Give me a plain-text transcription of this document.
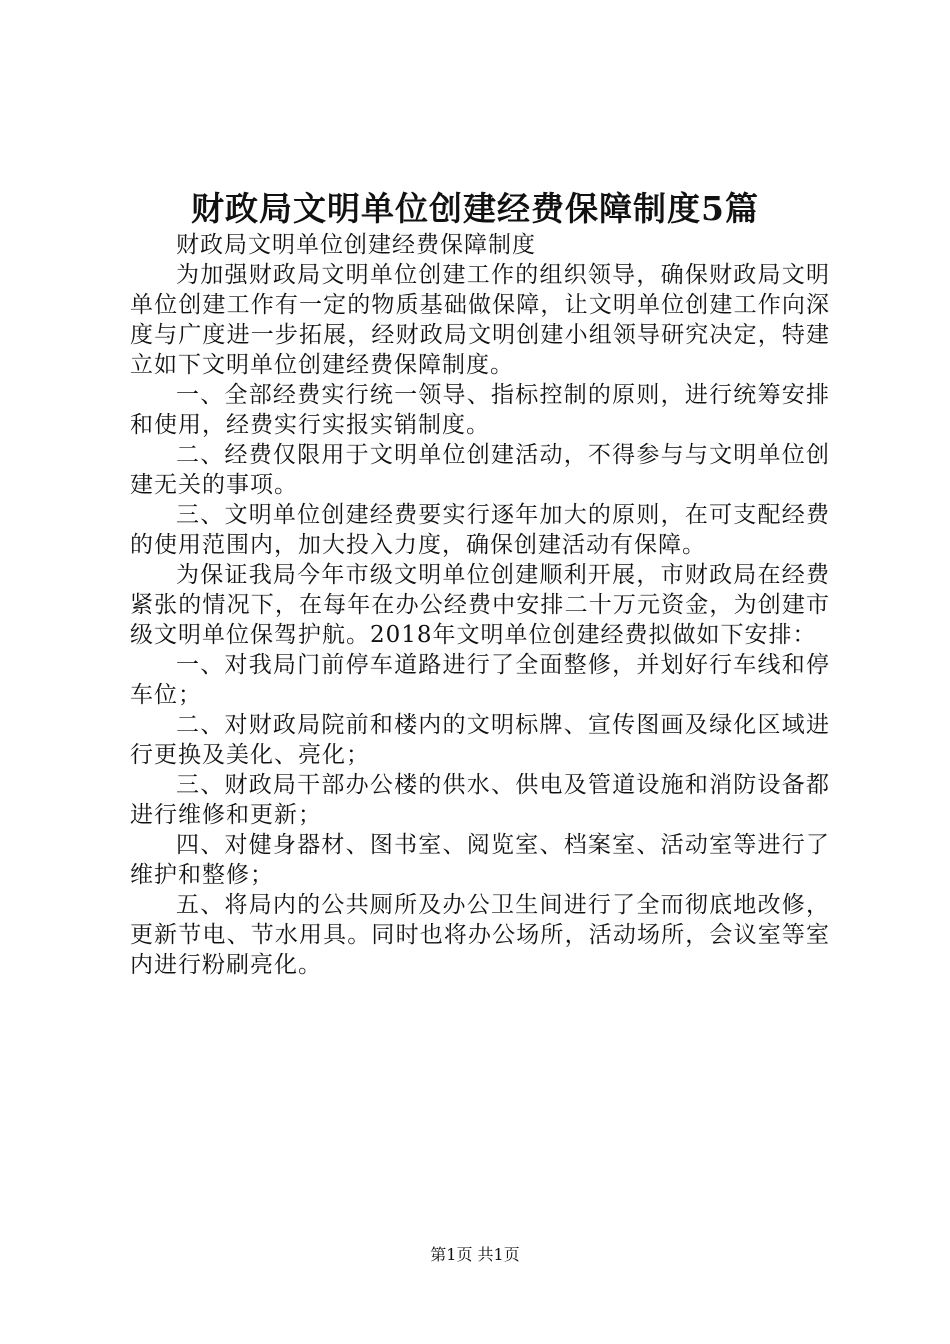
财政局文明单位创建经费保障制度5篇

财政局文明单位创建经费保障制度

为加强财政局文明单位创建工作的组织领导，确保财政局文明单位创建工作有一定的物质基础做保障，让文明单位创建工作向深度与广度进一步拓展，经财政局文明创建小组领导研究决定，特建立如下文明单位创建经费保障制度。

一、全部经费实行统一领导、指标控制的原则，进行统筹安排和使用，经费实行实报实销制度。

二、经费仅限用于文明单位创建活动，不得参与与文明单位创建无关的事项。

三、文明单位创建经费要实行逐年加大的原则，在可支配经费的使用范围内，加大投入力度，确保创建活动有保障。

为保证我局今年市级文明单位创建顺利开展，市财政局在经费紧张的情况下，在每年在办公经费中安排二十万元资金，为创建市级文明单位保驾护航。2018年文明单位创建经费拟做如下安排：

一、对我局门前停车道路进行了全面整修，并划好行车线和停车位；

二、对财政局院前和楼内的文明标牌、宣传图画及绿化区域进行更换及美化、亮化；

三、财政局干部办公楼的供水、供电及管道设施和消防设备都进行维修和更新；

四、对健身器材、图书室、阅览室、档案室、活动室等进行了维护和整修；

五、将局内的公共厕所及办公卫生间进行了全而彻底地改修，更新节电、节水用具。同时也将办公场所，活动场所，会议室等室内进行粉刷亮化。

第1页 共1页
